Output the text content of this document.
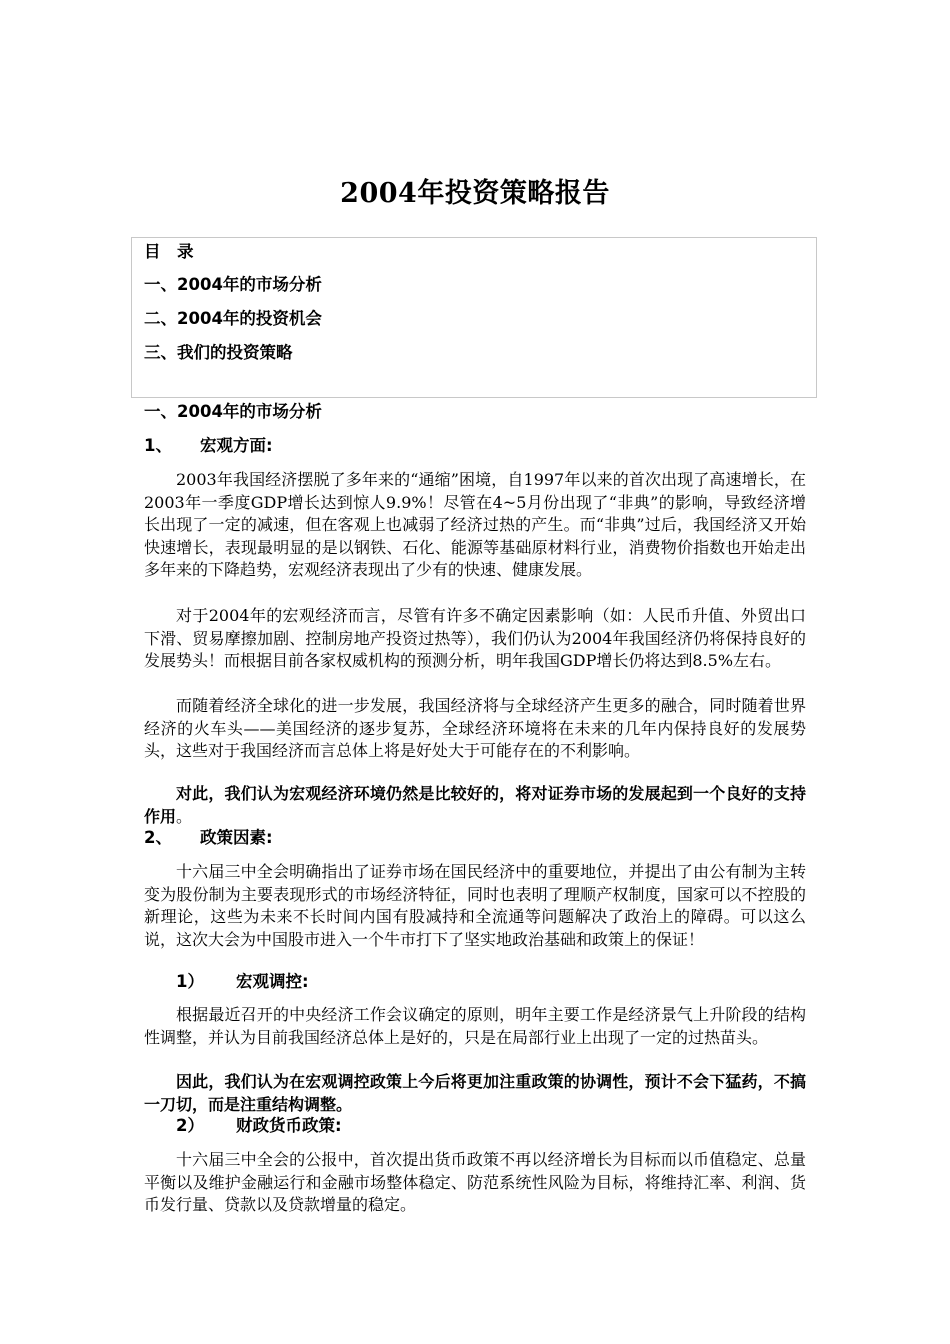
2004年投资策略报告
目　录
一、2004年的市场分析
二、2004年的投资机会
三、我们的投资策略
一、2004年的市场分析
1、 宏观方面:
2003年我国经济摆脱了多年来的“通缩”困境，自1997年以来的首次出现了高速增长，在2003年一季度GDP增长达到惊人9.9%！尽管在4~5月份出现了“非典”的影响，导致经济增长出现了一定的减速，但在客观上也减弱了经济过热的产生。而“非典”过后，我国经济又开始快速增长，表现最明显的是以钢铁、石化、能源等基础原材料行业，消费物价指数也开始走出多年来的下降趋势，宏观经济表现出了少有的快速、健康发展。
对于2004年的宏观经济而言，尽管有许多不确定因素影响（如：人民币升值、外贸出口下滑、贸易摩擦加剧、控制房地产投资过热等），我们仍认为2004年我国经济仍将保持良好的发展势头！而根据目前各家权威机构的预测分析，明年我国GDP增长仍将达到8.5%左右。
而随着经济全球化的进一步发展，我国经济将与全球经济产生更多的融合，同时随着世界经济的火车头——美国经济的逐步复苏，全球经济环境将在未来的几年内保持良好的发展势头，这些对于我国经济而言总体上将是好处大于可能存在的不利影响。
对此，我们认为宏观经济环境仍然是比较好的，将对证券市场的发展起到一个良好的支持作用。
2、 政策因素:
十六届三中全会明确指出了证券市场在国民经济中的重要地位，并提出了由公有制为主转变为股份制为主要表现形式的市场经济特征，同时也表明了理顺产权制度，国家可以不控股的新理论，这些为未来不长时间内国有股减持和全流通等问题解决了政治上的障碍。可以这么说，这次大会为中国股市进入一个牛市打下了坚实地政治基础和政策上的保证！
1） 宏观调控:
根据最近召开的中央经济工作会议确定的原则，明年主要工作是经济景气上升阶段的结构性调整，并认为目前我国经济总体上是好的，只是在局部行业上出现了一定的过热苗头。
因此，我们认为在宏观调控政策上今后将更加注重政策的协调性，预计不会下猛药，不搞一刀切，而是注重结构调整。
2） 财政货币政策:
十六届三中全会的公报中，首次提出货币政策不再以经济增长为目标而以币值稳定、总量平衡以及维护金融运行和金融市场整体稳定、防范系统性风险为目标，将维持汇率、利润、货币发行量、贷款以及贷款增量的稳定。
